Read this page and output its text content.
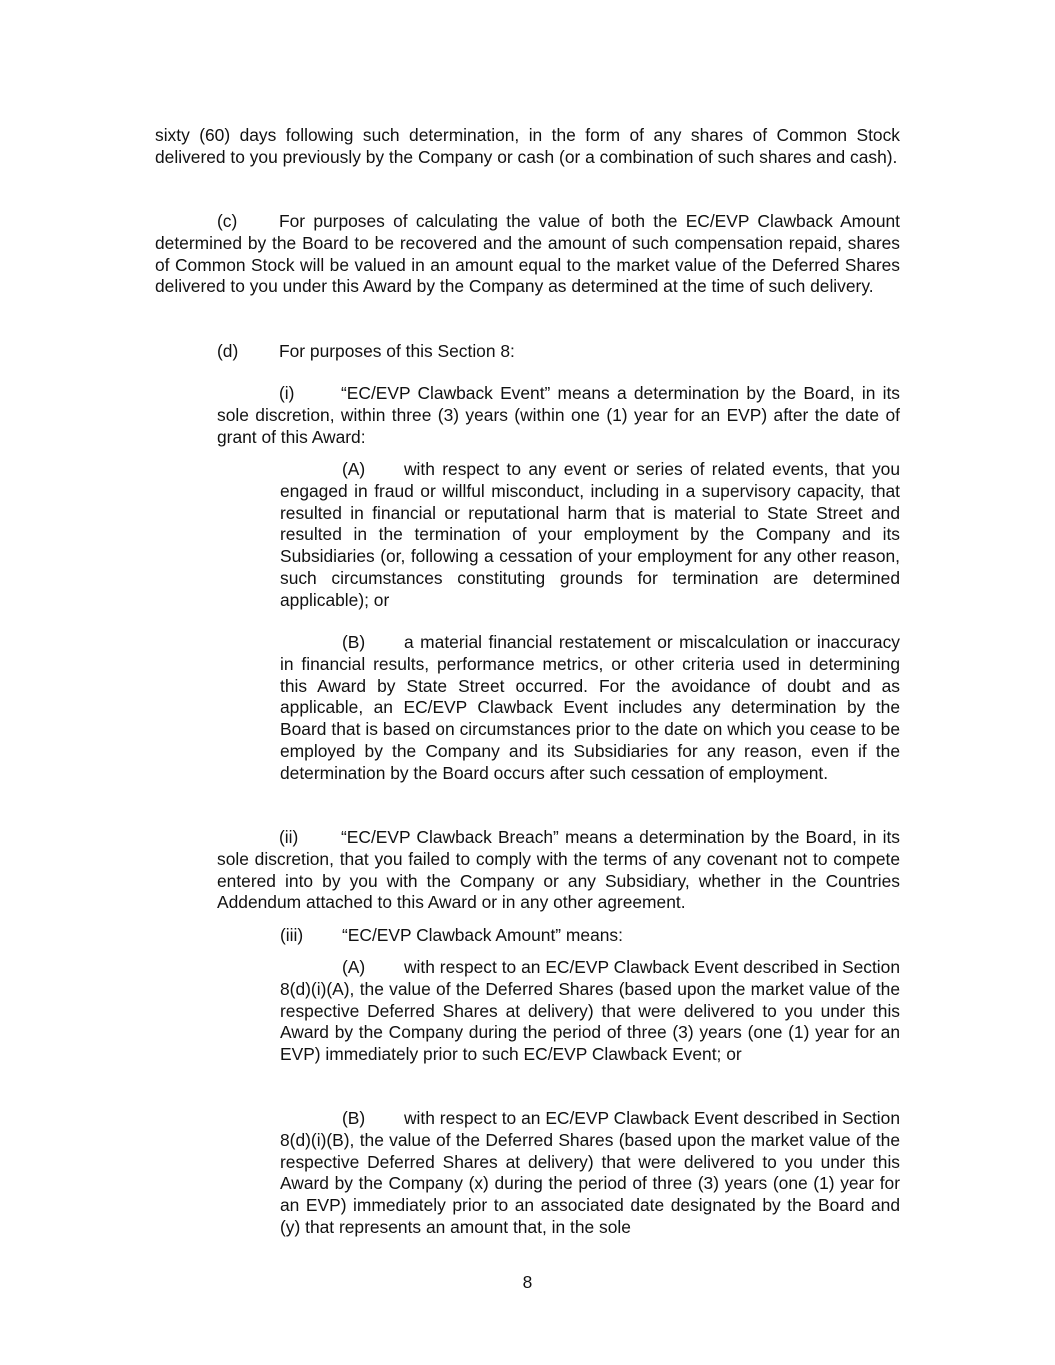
sixty (60) days following such determination, in the form of any shares of Common Stock delivered to you previously by the Company or cash (or a combination of such shares and cash).

(c) For purposes of calculating the value of both the EC/EVP Clawback Amount determined by the Board to be recovered and the amount of such compensation repaid, shares of Common Stock will be valued in an amount equal to the market value of the Deferred Shares delivered to you under this Award by the Company as determined at the time of such delivery.

(d) For purposes of this Section 8:

(i)	“EC/EVP Clawback Event” means a determination by the Board, in its sole discretion, within three (3) years (within one (1) year for an EVP) after the date of grant of this Award:

(A) with respect to any event or series of related events, that you engaged in fraud or willful misconduct, including in a supervisory capacity, that resulted in financial or reputational harm that is material to State Street and resulted in the termination of your employment by the Company and its Subsidiaries (or, following a cessation of your employment for any other reason, such circumstances constituting grounds for termination are determined applicable); or

(B) a material financial restatement or miscalculation or inaccuracy in financial results, performance metrics, or other criteria used in determining this Award by State Street occurred. For the avoidance of doubt and as applicable, an EC/EVP Clawback Event includes any determination by the Board that is based on circumstances prior to the date on which you cease to be employed by the Company and its Subsidiaries for any reason, even if the determination by the Board occurs after such cessation of employment.

(ii) “EC/EVP Clawback Breach” means a determination by the Board, in its sole discretion, that you failed to comply with the terms of any covenant not to compete entered into by you with the Company or any Subsidiary, whether in the Countries Addendum attached to this Award or in any other agreement.

(iii) “EC/EVP Clawback Amount” means:

(A) with respect to an EC/EVP Clawback Event described in Section 8(d)(i)(A), the value of the Deferred Shares (based upon the market value of the respective Deferred Shares at delivery) that were delivered to you under this Award by the Company during the period of three (3) years (one (1) year for an EVP) immediately prior to such EC/EVP Clawback Event; or

(B) with respect to an EC/EVP Clawback Event described in Section 8(d)(i)(B), the value of the Deferred Shares (based upon the market value of the respective Deferred Shares at delivery) that were delivered to you under this Award by the Company (x) during the period of three (3) years (one (1) year for an EVP) immediately prior to an associated date designated by the Board and (y) that represents an amount that, in the sole

8
